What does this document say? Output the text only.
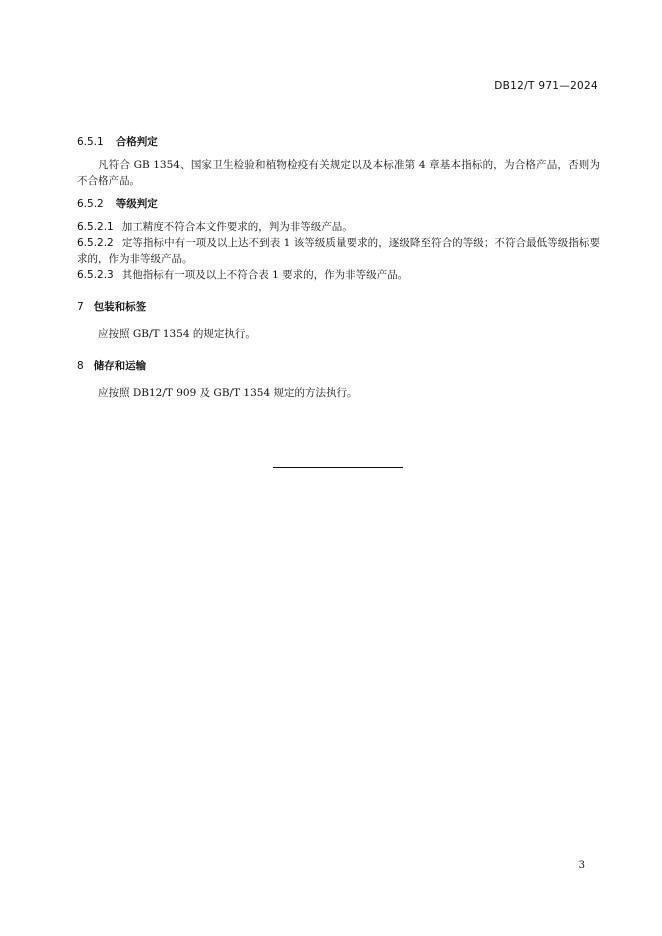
DB12/T 971—2024

6.5.1 合格判定

凡符合 GB 1354、国家卫生检验和植物检疫有关规定以及本标准第 4 章基本指标的，为合格产品，否则为不合格产品。

6.5.2 等级判定

6.5.2.1 加工精度不符合本文件要求的，判为非等级产品。

6.5.2.2 定等指标中有一项及以上达不到表 1 该等级质量要求的，逐级降至符合的等级；不符合最低等级指标要求的，作为非等级产品。

6.5.2.3 其他指标有一项及以上不符合表 1 要求的，作为非等级产品。

7 包装和标签

应按照 GB/T 1354 的规定执行。

8 储存和运输

应按照 DB12/T 909 及 GB/T 1354 规定的方法执行。

3
